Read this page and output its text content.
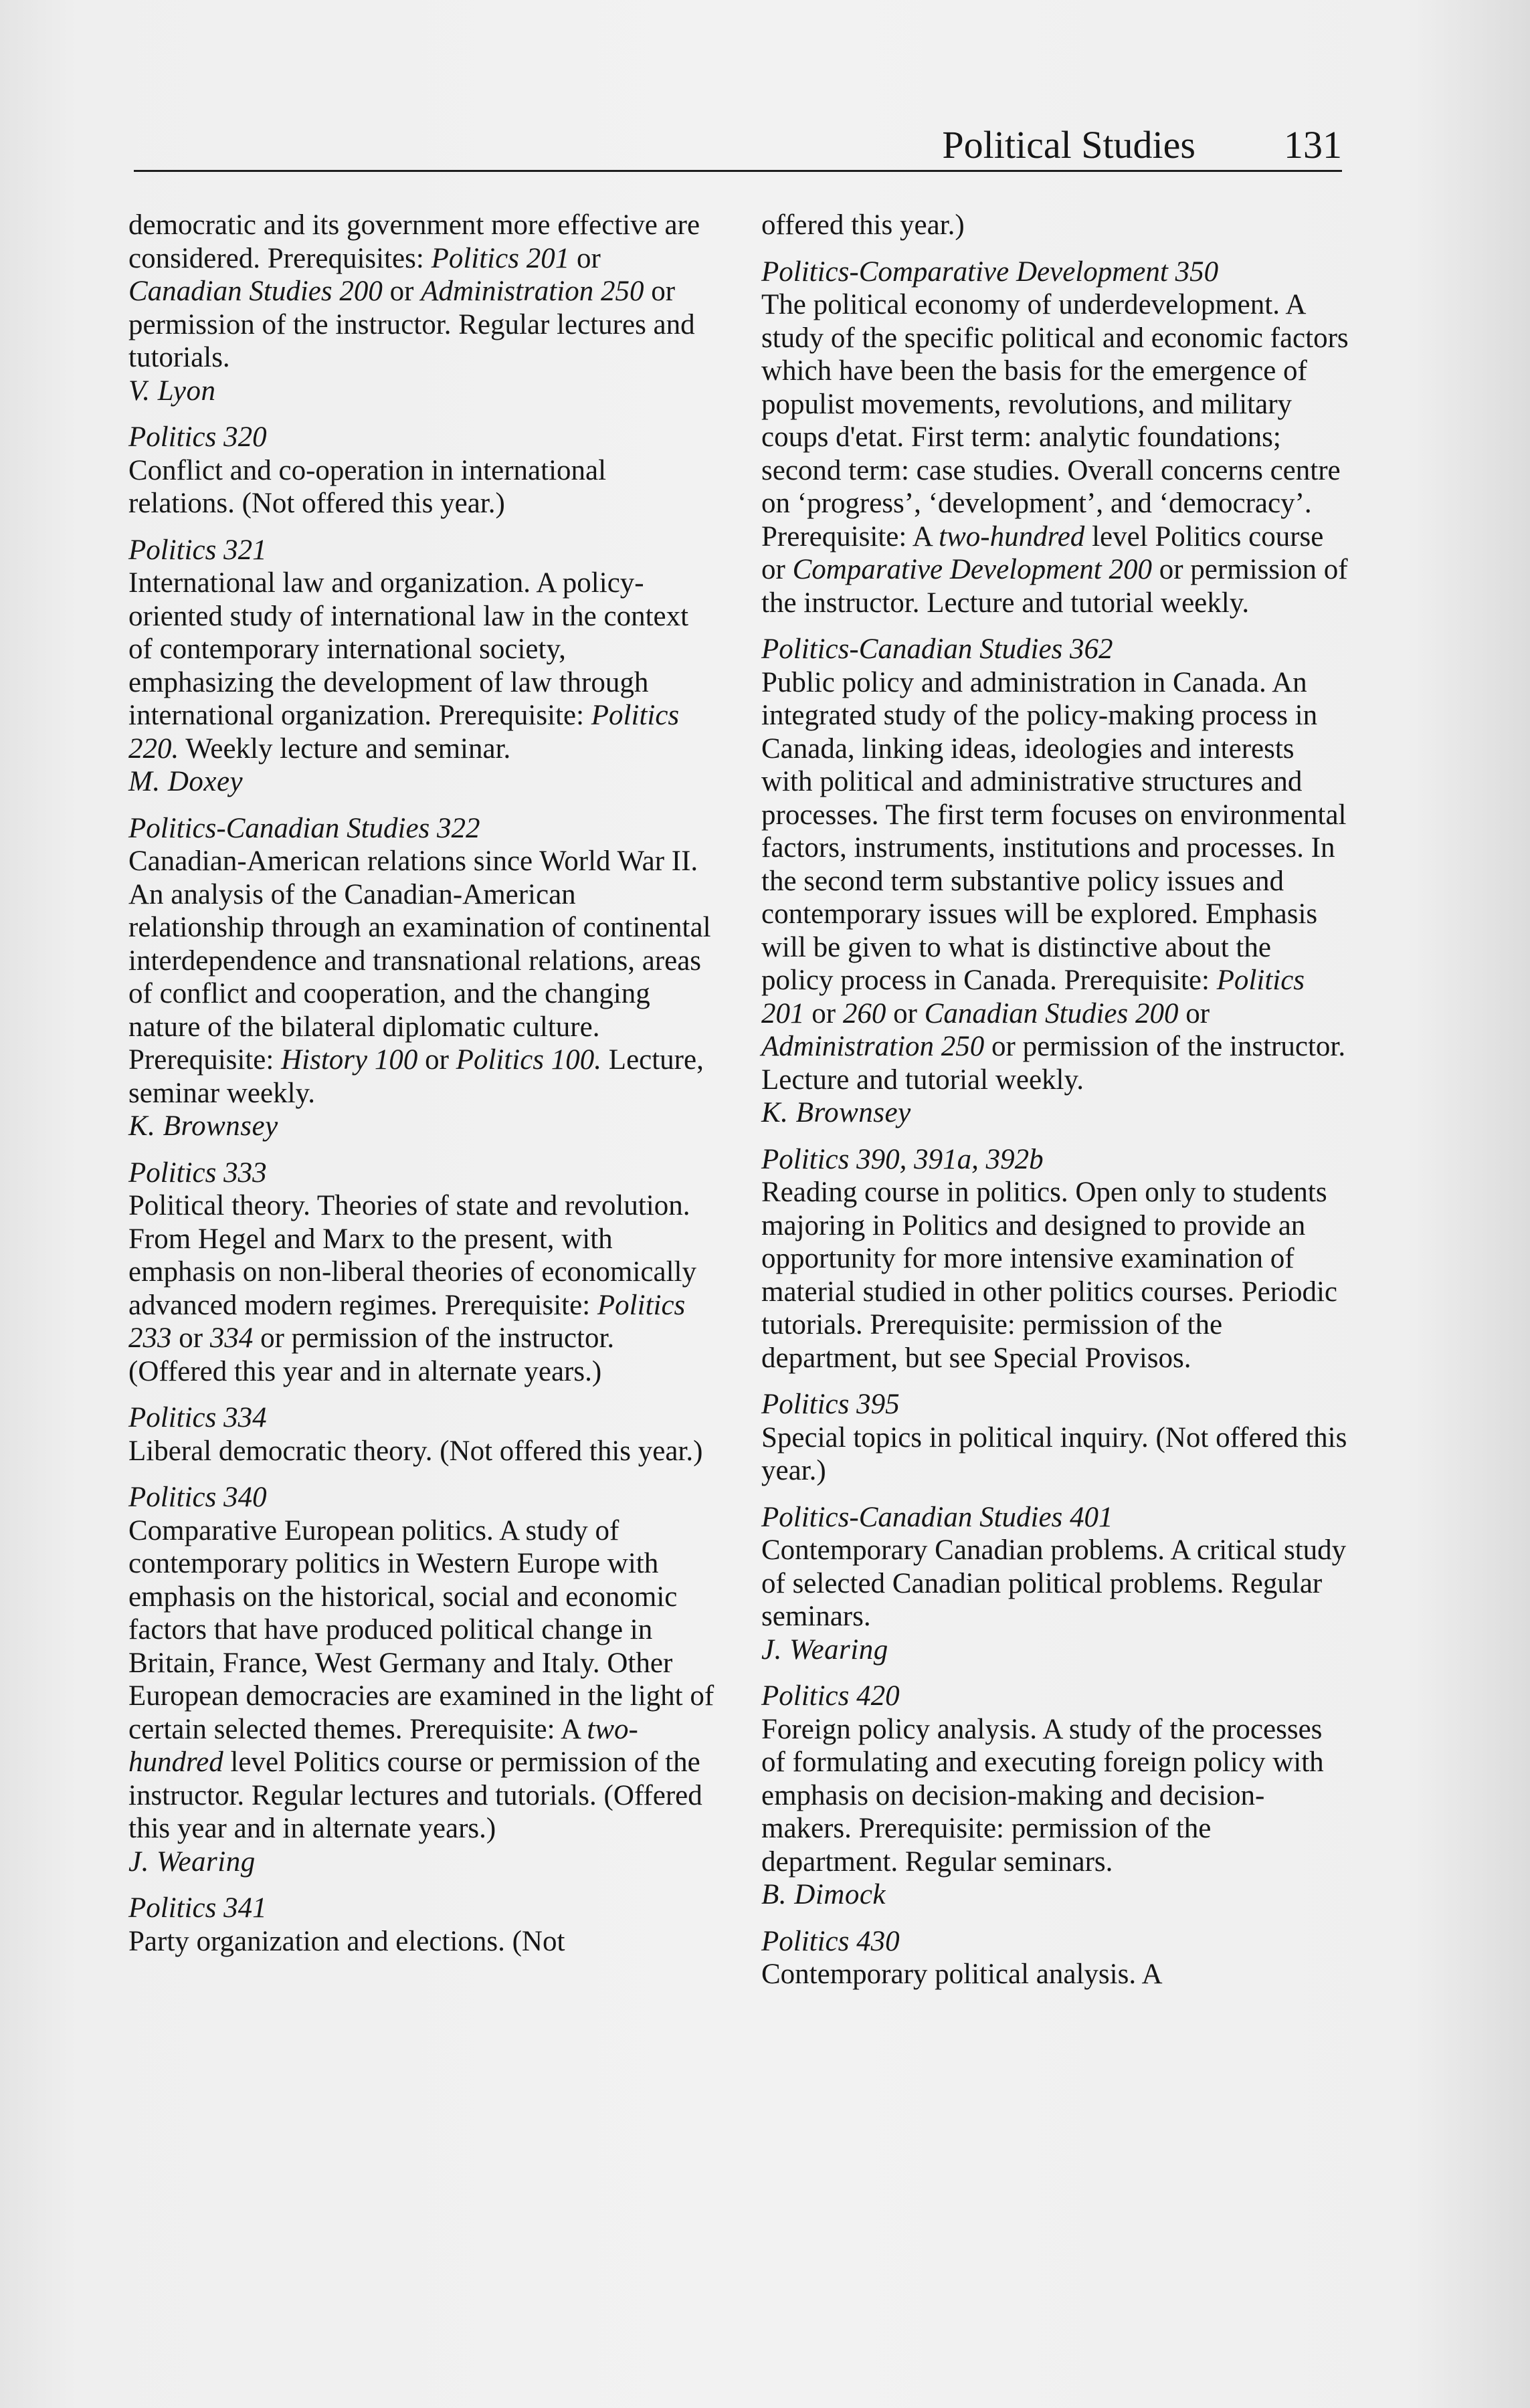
Political Studies 131
democratic and its government more effective are considered. Prerequisites: Politics 201 or Canadian Studies 200 or Administration 250 or permission of the instructor. Regular lectures and tutorials.
V. Lyon
Politics 320
Conflict and co-operation in international relations. (Not offered this year.)
Politics 321
International law and organization. A policy-oriented study of international law in the context of contemporary international society, emphasizing the development of law through international organization. Prerequisite: Politics 220. Weekly lecture and seminar.
M. Doxey
Politics-Canadian Studies 322
Canadian-American relations since World War II. An analysis of the Canadian-American relationship through an examination of continental interdependence and transnational relations, areas of conflict and cooperation, and the changing nature of the bilateral diplomatic culture. Prerequisite: History 100 or Politics 100. Lecture, seminar weekly.
K. Brownsey
Politics 333
Political theory. Theories of state and revolution. From Hegel and Marx to the present, with emphasis on non-liberal theories of economically advanced modern regimes. Prerequisite: Politics 233 or 334 or permission of the instructor. (Offered this year and in alternate years.)
Politics 334
Liberal democratic theory. (Not offered this year.)
Politics 340
Comparative European politics. A study of contemporary politics in Western Europe with emphasis on the historical, social and economic factors that have produced political change in Britain, France, West Germany and Italy. Other European democracies are examined in the light of certain selected themes. Prerequisite: A two-hundred level Politics course or permission of the instructor. Regular lectures and tutorials. (Offered this year and in alternate years.)
J. Wearing
Politics 341
Party organization and elections. (Not
offered this year.)
Politics-Comparative Development 350
The political economy of underdevelopment. A study of the specific political and economic factors which have been the basis for the emergence of populist movements, revolutions, and military coups d'etat. First term: analytic foundations; second term: case studies. Overall concerns centre on ‘progress’, ‘development’, and ‘democracy’. Prerequisite: A two-hundred level Politics course or Comparative Development 200 or permission of the instructor. Lecture and tutorial weekly.
Politics-Canadian Studies 362
Public policy and administration in Canada. An integrated study of the policy-making process in Canada, linking ideas, ideologies and interests with political and administrative structures and processes. The first term focuses on environmental factors, instruments, institutions and processes. In the second term substantive policy issues and contemporary issues will be explored. Emphasis will be given to what is distinctive about the policy process in Canada. Prerequisite: Politics 201 or 260 or Canadian Studies 200 or Administration 250 or permission of the instructor. Lecture and tutorial weekly.
K. Brownsey
Politics 390, 391a, 392b
Reading course in politics. Open only to students majoring in Politics and designed to provide an opportunity for more intensive examination of material studied in other politics courses. Periodic tutorials. Prerequisite: permission of the department, but see Special Provisos.
Politics 395
Special topics in political inquiry. (Not offered this year.)
Politics-Canadian Studies 401
Contemporary Canadian problems. A critical study of selected Canadian political problems. Regular seminars.
J. Wearing
Politics 420
Foreign policy analysis. A study of the processes of formulating and executing foreign policy with emphasis on decision-making and decision-makers. Prerequisite: permission of the department. Regular seminars.
B. Dimock
Politics 430
Contemporary political analysis. A
